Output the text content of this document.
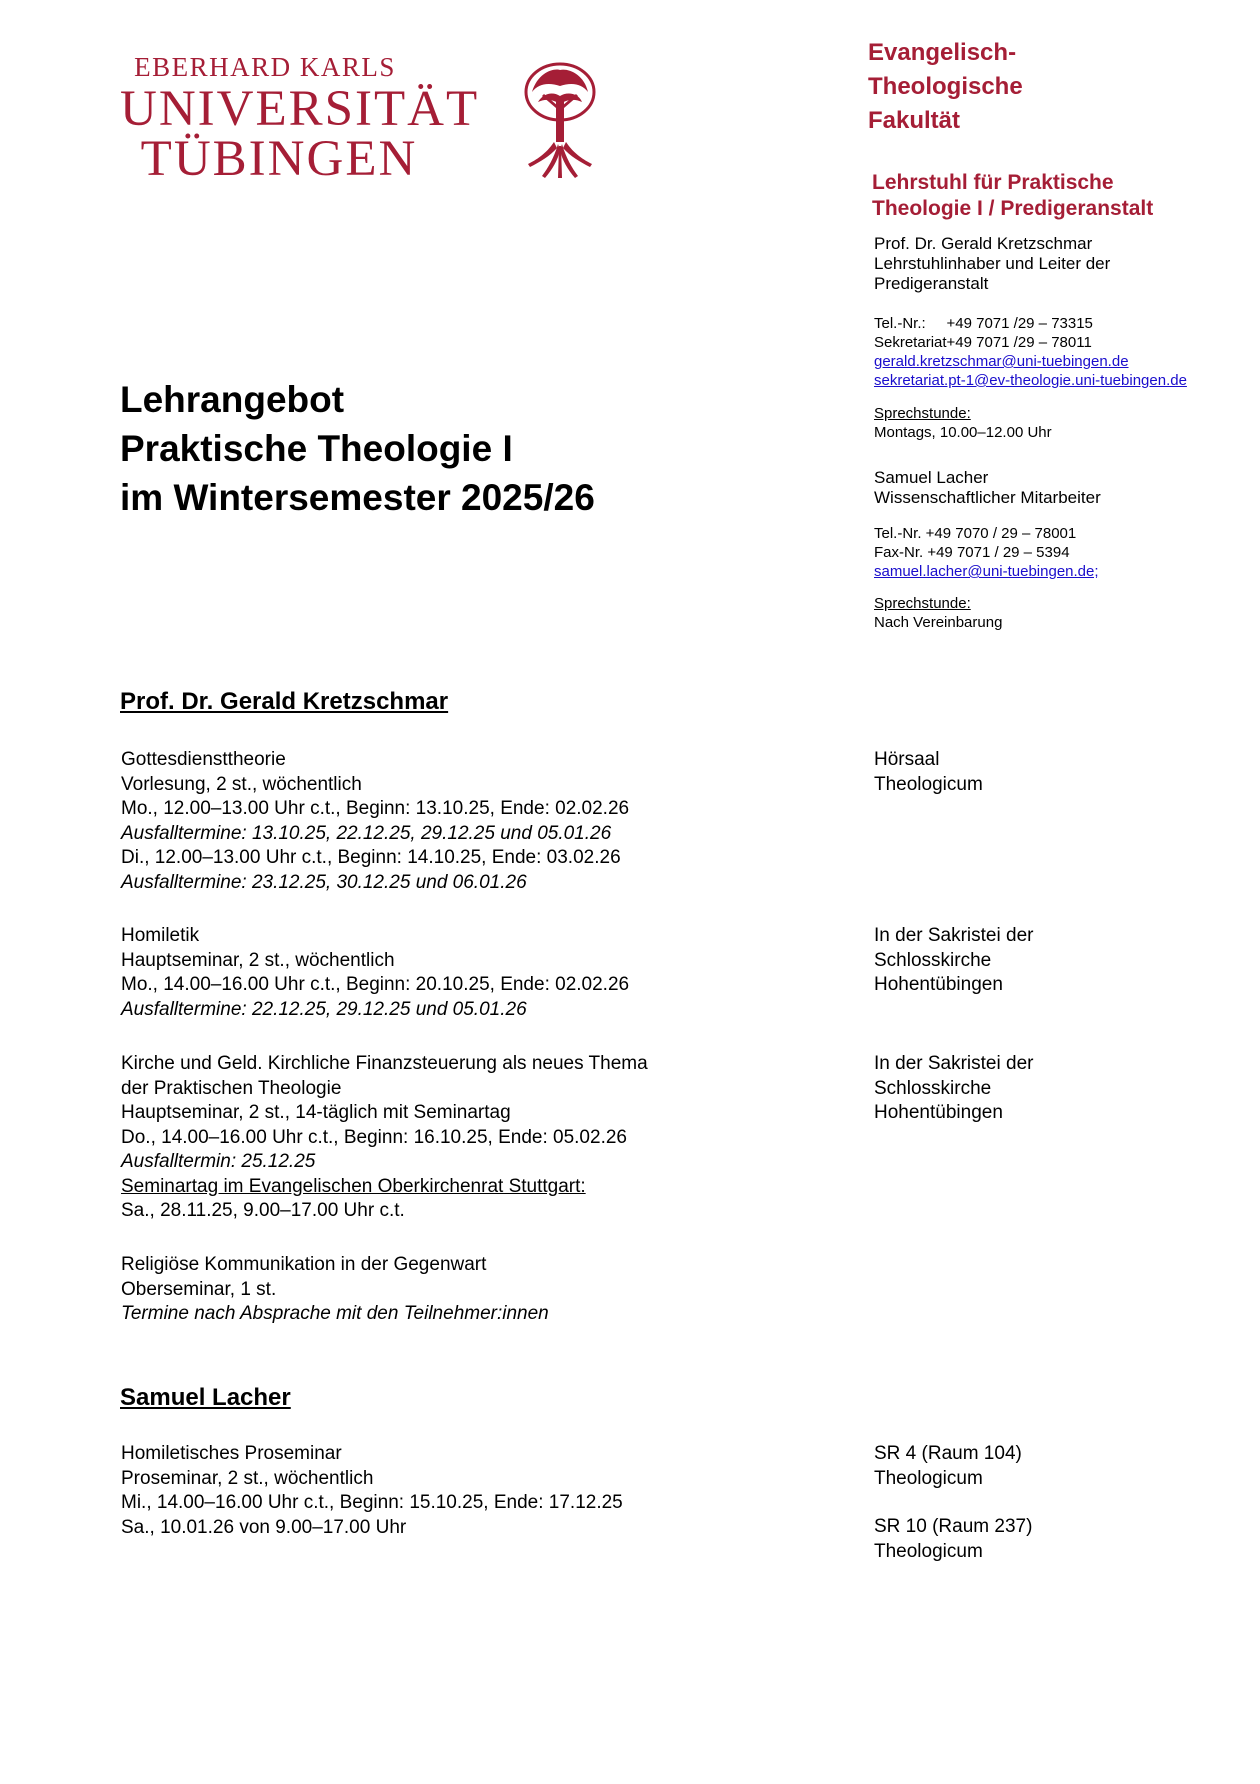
EBERHARD KARLS
UNIVERSITÄT
TÜBINGEN
Evangelisch-
Theologische
Fakultät
Lehrstuhl für Praktische
Theologie I / Predigeranstalt
Prof. Dr. Gerald Kretzschmar
Lehrstuhlinhaber und Leiter der
Predigeranstalt
Tel.-Nr.:     +49 7071 /29 – 73315
Sekretariat+49 7071 /29 – 78011
gerald.kretzschmar@uni-tuebingen.de
sekretariat.pt-1@ev-theologie.uni-tuebingen.de
Sprechstunde:
Montags, 10.00–12.00 Uhr
Samuel Lacher
Wissenschaftlicher Mitarbeiter
Tel.-Nr. +49 7070 / 29 – 78001
Fax-Nr. +49 7071 / 29 – 5394
samuel.lacher@uni-tuebingen.de;
Sprechstunde:
Nach Vereinbarung
Lehrangebot
Praktische Theologie I
im Wintersemester 2025/26
Prof. Dr. Gerald Kretzschmar
Gottesdiensttheorie
Vorlesung, 2 st., wöchentlich
Mo., 12.00–13.00 Uhr c.t., Beginn: 13.10.25, Ende: 02.02.26
Ausfalltermine: 13.10.25, 22.12.25, 29.12.25 und 05.01.26
Di., 12.00–13.00 Uhr c.t., Beginn: 14.10.25, Ende: 03.02.26
Ausfalltermine: 23.12.25, 30.12.25 und 06.01.26
Hörsaal
Theologicum
Homiletik
Hauptseminar, 2 st., wöchentlich
Mo., 14.00–16.00 Uhr c.t., Beginn: 20.10.25, Ende: 02.02.26
Ausfalltermine: 22.12.25, 29.12.25 und 05.01.26
In der Sakristei der
Schlosskirche
Hohentübingen
Kirche und Geld. Kirchliche Finanzsteuerung als neues Thema
der Praktischen Theologie
Hauptseminar, 2 st., 14-täglich mit Seminartag
Do., 14.00–16.00 Uhr c.t., Beginn: 16.10.25, Ende: 05.02.26
Ausfalltermin: 25.12.25
Seminartag im Evangelischen Oberkirchenrat Stuttgart:
Sa., 28.11.25, 9.00–17.00 Uhr c.t.
In der Sakristei der
Schlosskirche
Hohentübingen
Religiöse Kommunikation in der Gegenwart
Oberseminar, 1 st.
Termine nach Absprache mit den Teilnehmer:innen
Samuel Lacher
Homiletisches Proseminar
Proseminar, 2 st., wöchentlich
Mi., 14.00–16.00 Uhr c.t., Beginn: 15.10.25, Ende: 17.12.25
Sa., 10.01.26 von 9.00–17.00 Uhr
SR 4 (Raum 104)
Theologicum
SR 10 (Raum 237)
Theologicum
